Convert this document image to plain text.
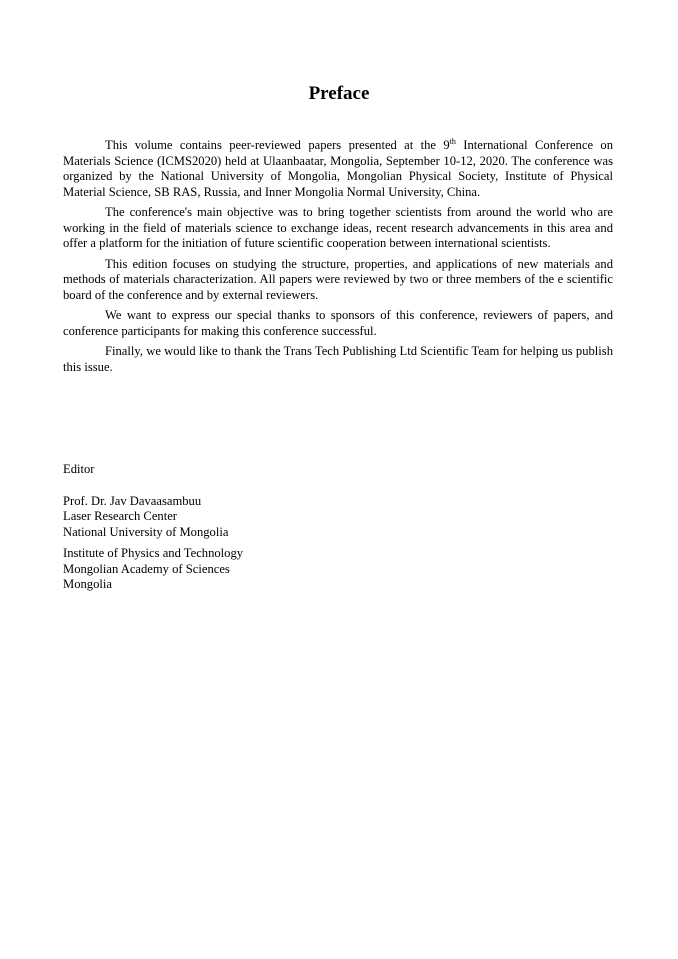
Preface

This volume contains peer-reviewed papers presented at the 9th International Conference on Materials Science (ICMS2020) held at Ulaanbaatar, Mongolia, September 10-12, 2020. The conference was organized by the National University of Mongolia, Mongolian Physical Society, Institute of Physical Material Science, SB RAS, Russia, and Inner Mongolia Normal University, China.

The conference's main objective was to bring together scientists from around the world who are working in the field of materials science to exchange ideas, recent research advancements in this area and offer a platform for the initiation of future scientific cooperation between international scientists.

This edition focuses on studying the structure, properties, and applications of new materials and methods of materials characterization. All papers were reviewed by two or three members of the e scientific board of the conference and by external reviewers.

We want to express our special thanks to sponsors of this conference, reviewers of papers, and conference participants for making this conference successful.

Finally, we would like to thank the Trans Tech Publishing Ltd Scientific Team for helping us publish this issue.

Editor
Prof. Dr. Jav Davaasambuu
Laser Research Center
National University of Mongolia
Institute of Physics and Technology
Mongolian Academy of Sciences
Mongolia
